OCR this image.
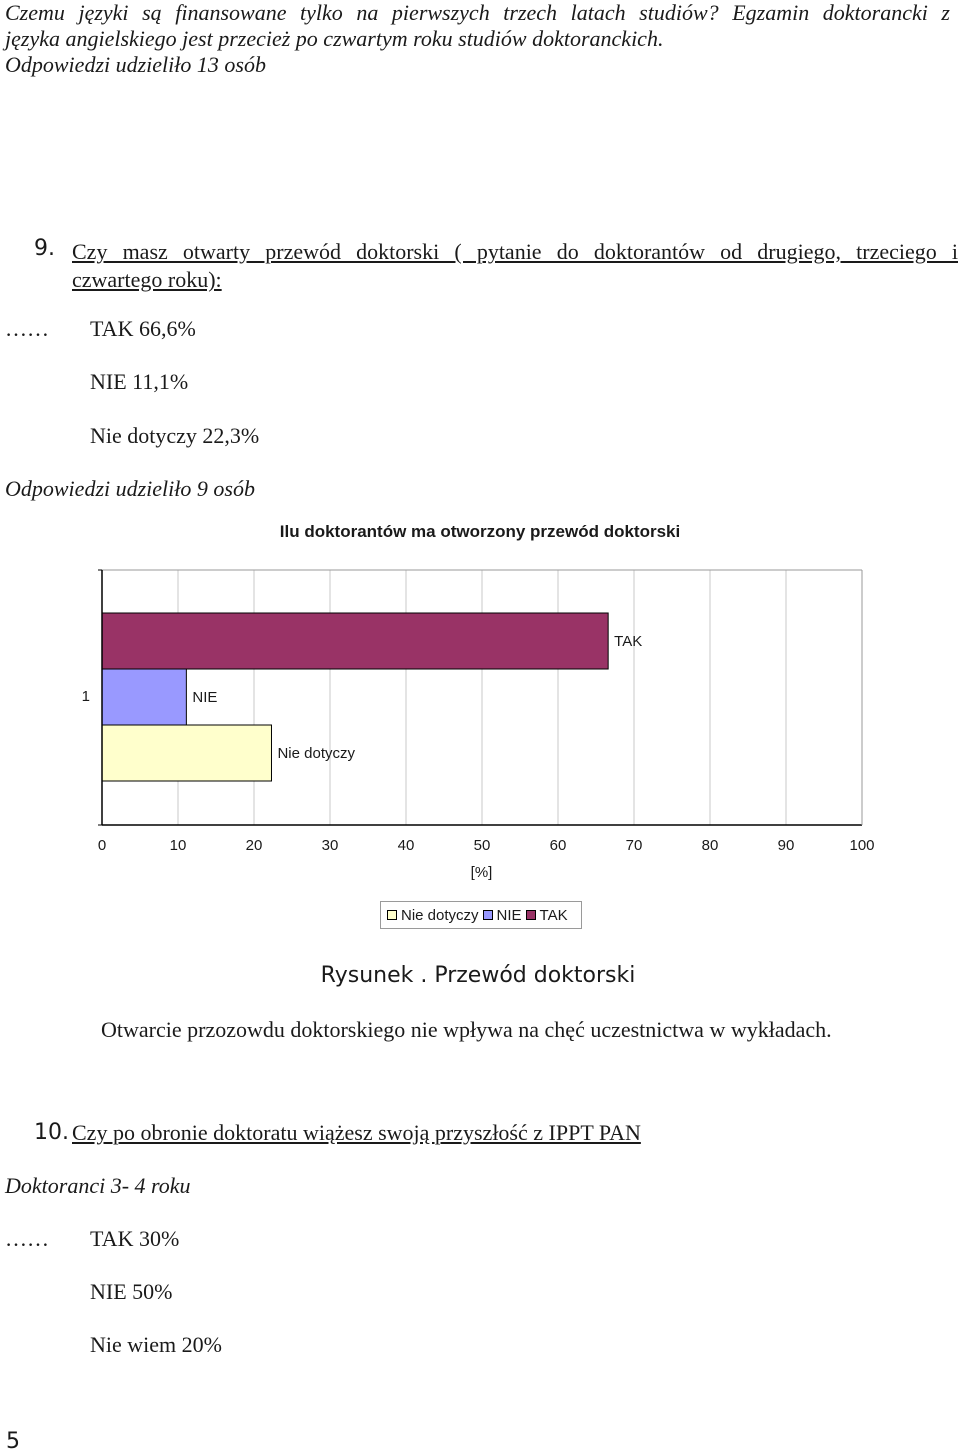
Czemu języki są finansowane tylko na pierwszych trzech latach studiów? Egzamin doktorancki z
języka angielskiego jest przecież po czwartym roku studiów doktoranckich.
Odpowiedzi udzieliło 13 osób
9. Czy masz otwarty przewód doktorski ( pytanie do doktorantów od drugiego, trzeciego i
czwartego roku):
…… TAK 66,6%
NIE 11,1%
Nie dotyczy 22,3%
Odpowiedzi udzieliło 9 osób
Ilu doktorantów ma otworzony przewód doktorski
TAK
NIE
Nie dotyczy
0	10	20	30	40	50	60	70	80	90	100
1
[%]
Nie dotyczy NIE TAK
Rysunek . Przewód doktorski
Otwarcie przozowdu doktorskiego nie wpływa na chęć uczestnictwa w wykładach.
10. Czy po obronie doktoratu wiążesz swoją przyszłość z IPPT PAN
Doktoranci 3- 4 roku
…… TAK 30%
NIE 50%
Nie wiem 20%
5
